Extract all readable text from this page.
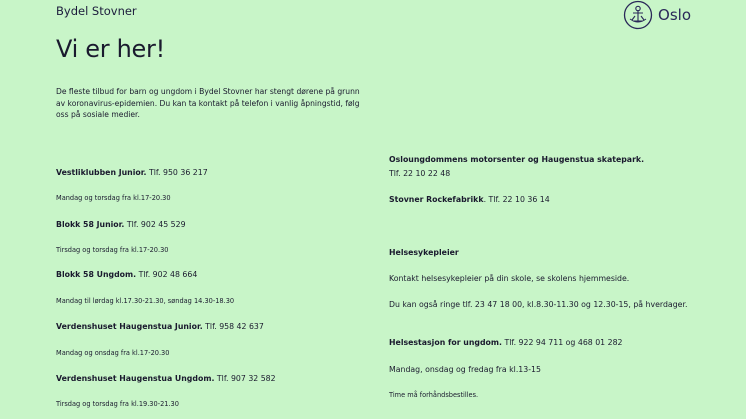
Bydel Stovner	Oslo
Vi er her!
De fleste tilbud for barn og ungdom i Bydel Stovner har stengt dørene på grunn av koronavirus-epidemien. Du kan ta kontakt på telefon i vanlig åpningstid, følg oss på sosiale medier.
Vestliklubben Junior. Tlf. 950 36 217
Mandag og torsdag fra kl.17-20.30
Blokk 58 Junior. Tlf. 902 45 529
Tirsdag og torsdag fra kl.17-20.30
Blokk 58 Ungdom. Tlf. 902 48 664
Mandag til lørdag kl.17.30-21.30, søndag 14.30-18.30
Verdenshuset Haugenstua Junior. Tlf. 958 42 637
Mandag og onsdag fra kl.17-20.30
Verdenshuset Haugenstua Ungdom. Tlf. 907 32 582
Tirsdag og torsdag fra kl.19.30-21.30
Osloungdommens motorsenter og Haugenstua skatepark.
Tlf. 22 10 22 48
Stovner Rockefabrikk. Tlf. 22 10 36 14
Helsesykepleier
Kontakt helsesykepleier på din skole, se skolens hjemmeside.
Du kan også ringe tlf. 23 47 18 00, kl.8.30-11.30 og 12.30-15, på hverdager.
Helsestasjon for ungdom. Tlf. 922 94 711 og 468 01 282
Mandag, onsdag og fredag fra kl.13-15
Time må forhåndsbestilles.
